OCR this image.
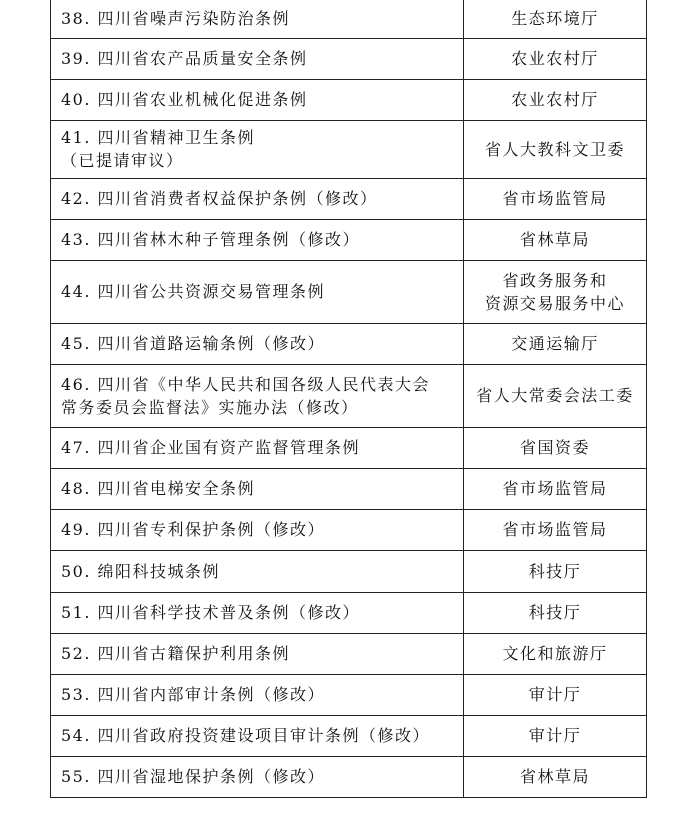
38. 四川省噪声污染防治条例	生态环境厅

39. 四川省农产品质量安全条例	农业农村厅

40. 四川省农业机械化促进条例	农业农村厅

41. 四川省精神卫生条例
（已提请审议）	省人大教科文卫委

42. 四川省消费者权益保护条例（修改）	省市场监管局

43. 四川省林木种子管理条例（修改）	省林草局

44. 四川省公共资源交易管理条例	省政务服务和
资源交易服务中心

45. 四川省道路运输条例（修改）	交通运输厅

46. 四川省《中华人民共和国各级人民代表大会
常务委员会监督法》实施办法（修改）	省人大常委会法工委

47. 四川省企业国有资产监督管理条例	省国资委

48. 四川省电梯安全条例	省市场监管局

49. 四川省专利保护条例（修改）	省市场监管局

50. 绵阳科技城条例	科技厅

51. 四川省科学技术普及条例（修改）	科技厅

52. 四川省古籍保护利用条例	文化和旅游厅

53. 四川省内部审计条例（修改）	审计厅

54. 四川省政府投资建设项目审计条例（修改）	审计厅

55. 四川省湿地保护条例（修改）	省林草局
